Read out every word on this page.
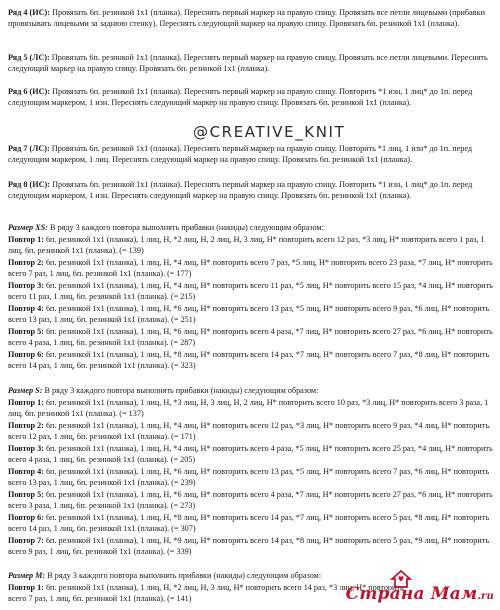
Ряд 4 (ИС): Провязать 6п. резинкой 1х1 (планка). Переснять первый маркер на правую спицу. Провязать все петли лицевыми (прибавки провязывать лицевыми за заднюю стенку). Переснять следующий маркер на правую спицу. Провязать 6п. резинкой 1х1 (планка).

Ряд 5 (ЛС): Провязать 6п. резинкой 1х1 (планка). Переснять первый маркер на правую спицу. Провязать все петли лицевыми. Переснять следующий маркер на правую спицу. Провязать 6п. резинкой 1х1 (планка).

Ряд 6 (ИС): Провязать 6п. резинкой 1х1 (планка). Переснять первый маркер на правую спицу. Повторить *1 изн, 1 лиц* до 1п. перед следующим маркером, 1 изн. Переснять следующий маркер на правую спицу. Провязать 6п. резинкой 1х1 (планка).

@CREATIVE_KNIT

Ряд 7 (ЛС): Провязать 6п. резинкой 1х1 (планка). Переснять первый маркер на правую спицу. Повторить *1 лиц, 1 изн* до 1п. перед следующим маркером, 1 лиц. Переснять следующий маркер на правую спицу. Провязать 6п. резинкой 1х1 (планка).

Ряд 8 (ИС): Провязать 6п. резинкой 1х1 (планка). Переснять первый маркер на правую спицу. Повторить *1 изн, 1 лиц* до 1п. перед следующим маркером, 1 изн. Переснять следующий маркер на правую спицу. Провязать 6п. резинкой 1х1 (планка).

Размер XS: В ряду 3 каждого повтора выполнять прибавки (накиды) следующим образом:

Повтор 1: 6п. резинкой 1х1 (планка), 1 лиц, Н, *2 лиц, Н, 2 лиц, Н, 3 лиц, Н* повторить всего 12 раз, *3 лиц, Н* повторить всего 1 раз, 1 лиц, 6п. резинкой 1х1 (планка). (= 139)

Повтор 2: 6п. резинкой 1х1 (планка), 1 лиц, Н, *4 лиц, Н* повторить всего 7 раз, *5 лиц, Н* повторить всего 23 раза, *7 лиц, Н* повторить всего 7 раз, 1 лиц, 6п. резинкой 1х1 (планка). (= 177)

Повтор 3: 6п. резинкой 1х1 (планка), 1 лиц, Н, *4 лиц, Н* повторить всего 11 раз, *5 лиц, Н* повторить всего 15 раз, *4 лиц, Н* повторить всего 11 раз, 1 лиц, 6п. резинкой 1х1 (планка). (= 215)

Повтор 4: 6п. резинкой 1х1 (планка), 1 лиц, Н, *6 лиц, Н* повторить всего 13 раз, *5 лиц, Н* повторить всего 9 раз, *6 лиц, Н* повторить всего 13 раз, 1 лиц, 6п. резинкой 1х1 (планка). (= 251)

Повтор 5: 6п. резинкой 1х1 (планка), 1 лиц, Н, *6 лиц, Н* повторить всего 4 раза, *7 лиц, Н* повторить всего 27 раз, *6 лиц, Н* повторить всего 4 раза, 1 лиц, 6п. резинкой 1х1 (планка). (= 287)

Повтор 6: 6п. резинкой 1х1 (планка), 1 лиц, Н, *8 лиц, Н* повторить всего 14 раз, *7 лиц, Н* повторить всего 7 раз, *8 лиц, Н* повторить всего 14 раз, 1 лиц, 6п. резинкой 1х1 (планка). (= 323)

Размер S: В ряду 3 каждого повтора выполнять прибавки (накиды) следующим образом:

Повтор 1: 6п. резинкой 1х1 (планка), 1 лиц, Н, *3 лиц, Н, 3 лиц, Н, 2 лиц, Н* повторить всего 10 раз, *3 лиц, Н* повторить всего 3 раза, 1 лиц, 6п. резинкой 1х1 (планка). (= 137)

Повтор 2: 6п. резинкой 1х1 (планка), 1 лиц, Н, *4 лиц, Н* повторить всего 12 раз, *3 лиц, Н* повторить всего 9 раз, *4 лиц, Н* повторить всего 12 раз, 1 лиц, 6п. резинкой 1х1 (планка). (= 171)

Повтор 3: 6п. резинкой 1х1 (планка), 1 лиц, Н, *4 лиц, Н* повторить всего 4 раза, *5 лиц, Н* повторить всего 25 раз, *4 лиц, Н* повторить всего 4 раза, 1 лиц, 6п. резинкой 1х1 (планка). (= 205)

Повтор 4: 6п. резинкой 1х1 (планка), 1 лиц, Н, *6 лиц, Н* повторить всего 13 раз, *5 лиц, Н* повторить всего 7 раз, *6 лиц, Н* повторить всего 13 раз, 1 лиц, 6п. резинкой 1х1 (планка). (= 239)

Повтор 5: 6п. резинкой 1х1 (планка), 1 лиц, Н, *6 лиц, Н* повторить всего 4 раза, *7 лиц, Н* повторить всего 27 раз, *6 лиц, Н* повторить всего 3 раза, 1 лиц, 6п. резинкой 1х1 (планка). (= 273)

Повтор 6: 6п. резинкой 1х1 (планка), 1 лиц, Н, *8 лиц, Н* повторить всего 14 раз, *7 лиц, Н* повторить всего 5 раз, *8 лиц, Н* повторить всего 14 раз, 1 лиц, 6п. резинкой 1х1 (планка). (= 307)

Повтор 7: 6п. резинкой 1х1 (планка), 1 лиц, Н, *9 лиц, Н* повторить всего 14 раз, *8 лиц, Н* повторить всего 5 раз, *9 лиц, Н* повторить всего 9 раз, 1 лиц, 6п. резинкой 1х1 (планка). (= 339)

Размер М: В ряду 3 каждого повтора выполнять прибавки (накиды) следующим образом:

Повтор 1: 6п. резинкой 1х1 (планка), 1 лиц, Н, *2 лиц, Н, 3 лиц, Н* повторить всего 14 раз, *3 лиц, Н* повторить всего 7 раз, 1 лиц, 6п. резинкой 1х1 (планка). (= 141)	Страна Мам.ru
